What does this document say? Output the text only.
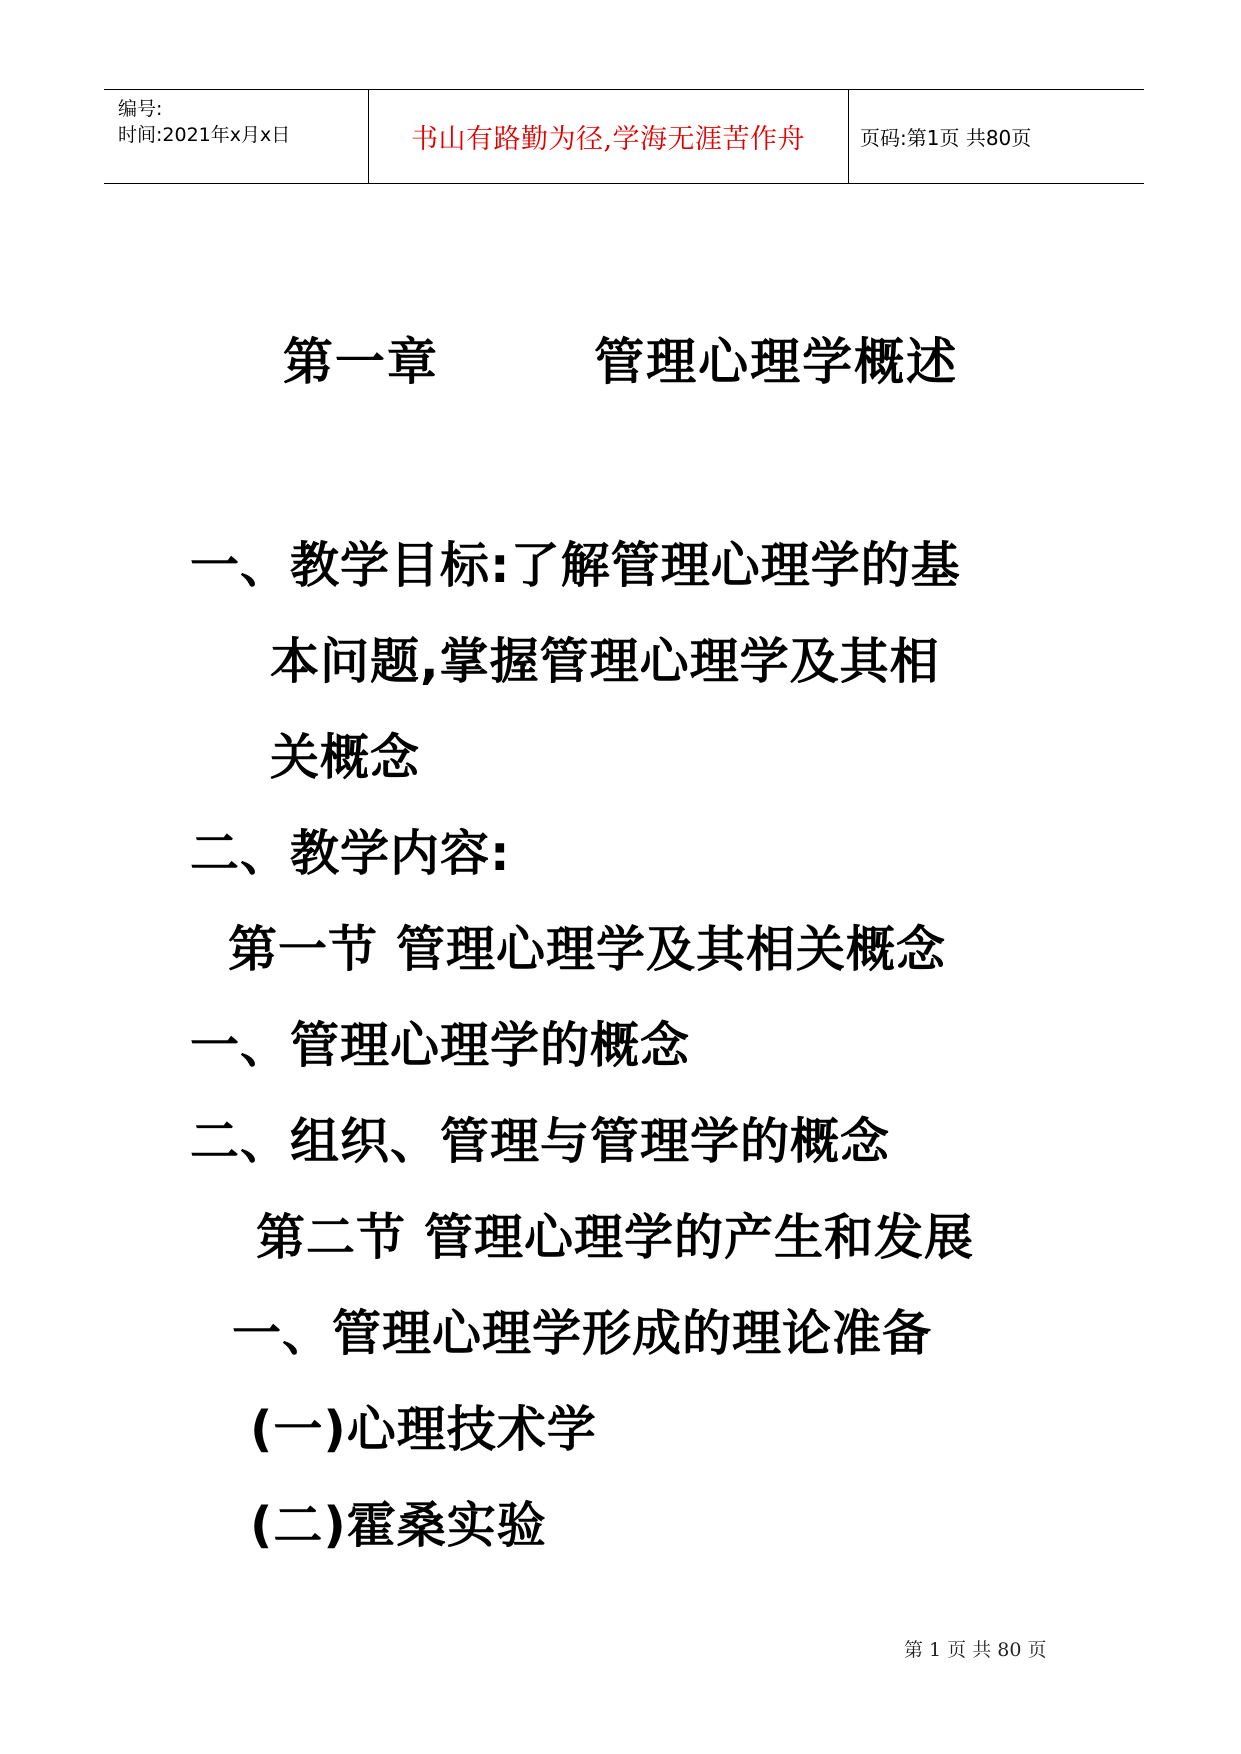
编号:
时间:2021年x月x日	书山有路勤为径,学海无涯苦作舟	页码:第1页 共80页
第一章        管理心理学概述
一、教学目标:了解管理心理学的基
本问题,掌握管理心理学及其相
关概念
二、教学内容:
第一节 管理心理学及其相关概念
一、管理心理学的概念
二、组织、管理与管理学的概念
第二节 管理心理学的产生和发展
一、管理心理学形成的理论准备
(一)心理技术学
(二)霍桑实验
第 1 页 共 80 页
